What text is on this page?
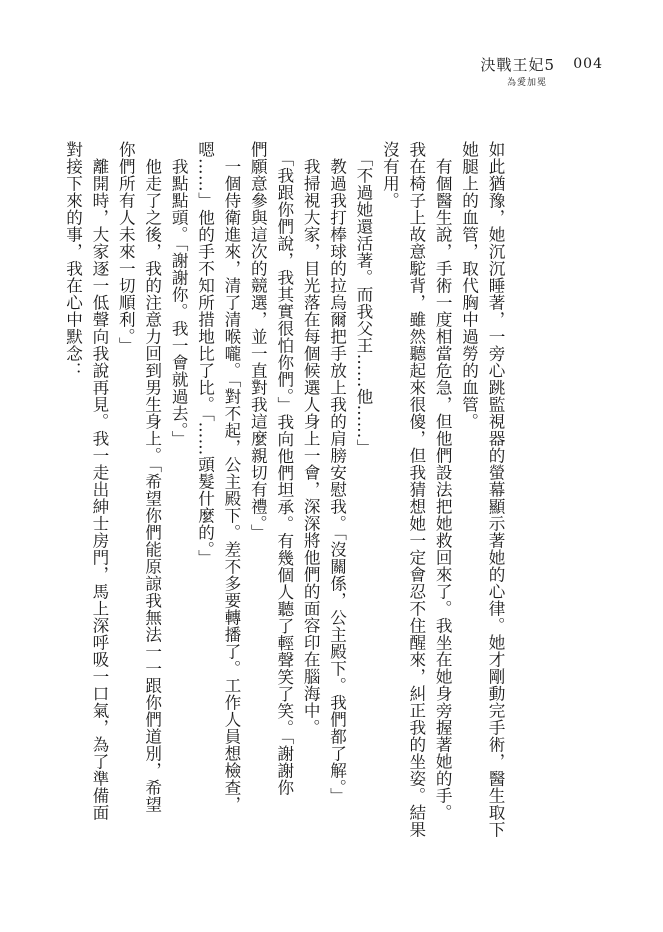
決戰王妃5
為愛加冕
004
如此猶豫，她沉沉睡著，一旁心跳監視器的螢幕顯示著她的心律。她才剛動完手術，醫生取下
她腿上的血管，取代胸中過勞的血管。
　有個醫生說，手術一度相當危急，但他們設法把她救回來了。我坐在她身旁握著她的手。
我在椅子上故意駝背，雖然聽起來很傻，但我猜想她一定會忍不住醒來，糾正我的坐姿。結果
沒有用。
　「不過她還活著。而我父王……他……」
　教過我打棒球的拉烏爾把手放上我的肩膀安慰我。「沒關係，公主殿下。我們都了解。」
　我掃視大家，目光落在每個候選人身上一會，深深將他們的面容印在腦海中。
　「我跟你們說，我其實很怕你們。」我向他們坦承。有幾個人聽了輕聲笑了笑。「謝謝你
們願意參與這次的競選，並一直對我這麼親切有禮。」
　一個侍衛進來，清了清喉嚨。「對不起，公主殿下。差不多要轉播了。工作人員想檢查，
嗯……」他的手不知所措地比了比。「……頭髮什麼的。」
　我點點頭。「謝謝你。我一會就過去。」
　他走了之後，我的注意力回到男生身上。「希望你們能原諒我無法一一跟你們道別，希望
你們所有人未來一切順利。」
　離開時，大家逐一低聲向我說再見。我一走出紳士房門，馬上深呼吸一口氣，為了準備面
對接下來的事，我在心中默念：
